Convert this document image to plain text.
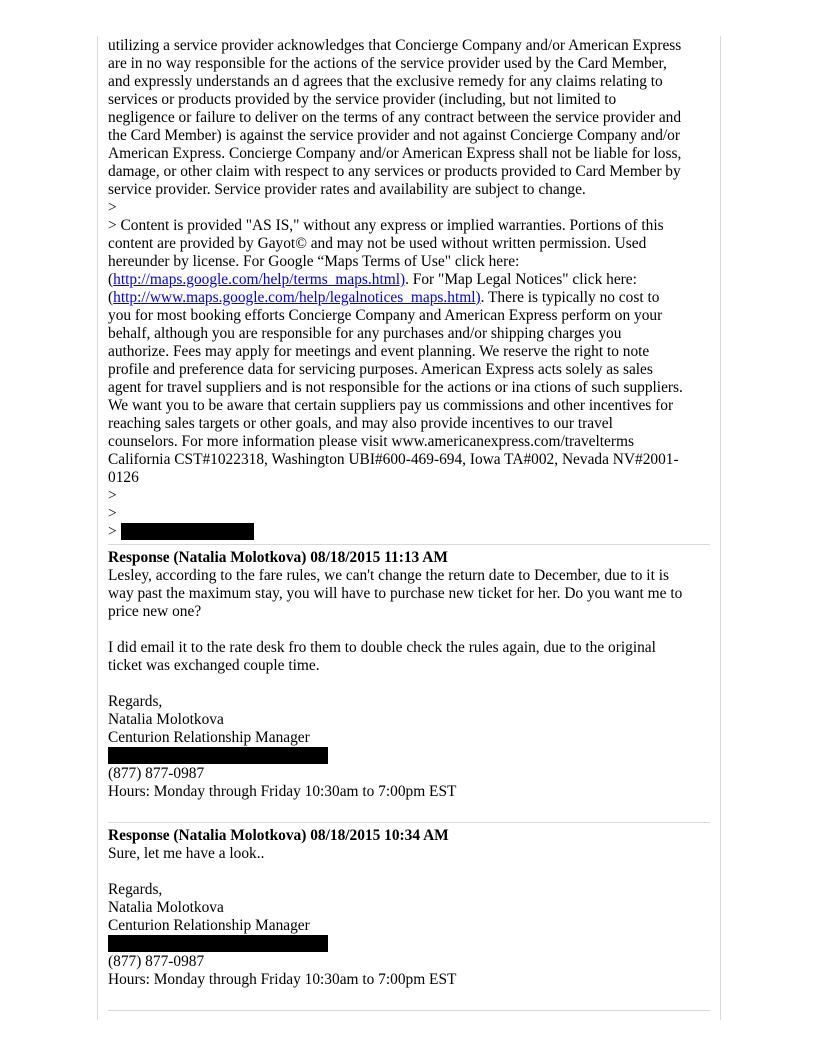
utilizing a service provider acknowledges that Concierge Company and/or American Express
are in no way responsible for the actions of the service provider used by the Card Member,
and expressly understands an d agrees that the exclusive remedy for any claims relating to
services or products provided by the service provider (including, but not limited to
negligence or failure to deliver on the terms of any contract between the service provider and
the Card Member) is against the service provider and not against Concierge Company and/or
American Express. Concierge Company and/or American Express shall not be liable for loss,
damage, or other claim with respect to any services or products provided to Card Member by
service provider. Service provider rates and availability are subject to change.
>
> Content is provided "AS IS," without any express or implied warranties. Portions of this
content are provided by Gayot© and may not be used without written permission. Used
hereunder by license. For Google “Maps Terms of Use" click here:
(http://maps.google.com/help/terms_maps.html). For "Map Legal Notices" click here:
(http://www.maps.google.com/help/legalnotices_maps.html). There is typically no cost to
you for most booking efforts Concierge Company and American Express perform on your
behalf, although you are responsible for any purchases and/or shipping charges you
authorize. Fees may apply for meetings and event planning. We reserve the right to note
profile and preference data for servicing purposes. American Express acts solely as sales
agent for travel suppliers and is not responsible for the actions or ina ctions of such suppliers.
We want you to be aware that certain suppliers pay us commissions and other incentives for
reaching sales targets or other goals, and may also provide incentives to our travel
counselors. For more information please visit www.americanexpress.com/travelterms
California CST#1022318, Washington UBI#600-469-694, Iowa TA#002, Nevada NV#2001-
0126
>
>
>
Response (Natalia Molotkova) 08/18/2015 11:13 AM
Lesley, according to the fare rules, we can't change the return date to December, due to it is
way past the maximum stay, you will have to purchase new ticket for her. Do you want me to
price new one?
I did email it to the rate desk fro them to double check the rules again, due to the original
ticket was exchanged couple time.
Regards,
Natalia Molotkova
Centurion Relationship Manager
(877) 877-0987
Hours: Monday through Friday 10:30am to 7:00pm EST
Response (Natalia Molotkova) 08/18/2015 10:34 AM
Sure, let me have a look..
Regards,
Natalia Molotkova
Centurion Relationship Manager
(877) 877-0987
Hours: Monday through Friday 10:30am to 7:00pm EST
